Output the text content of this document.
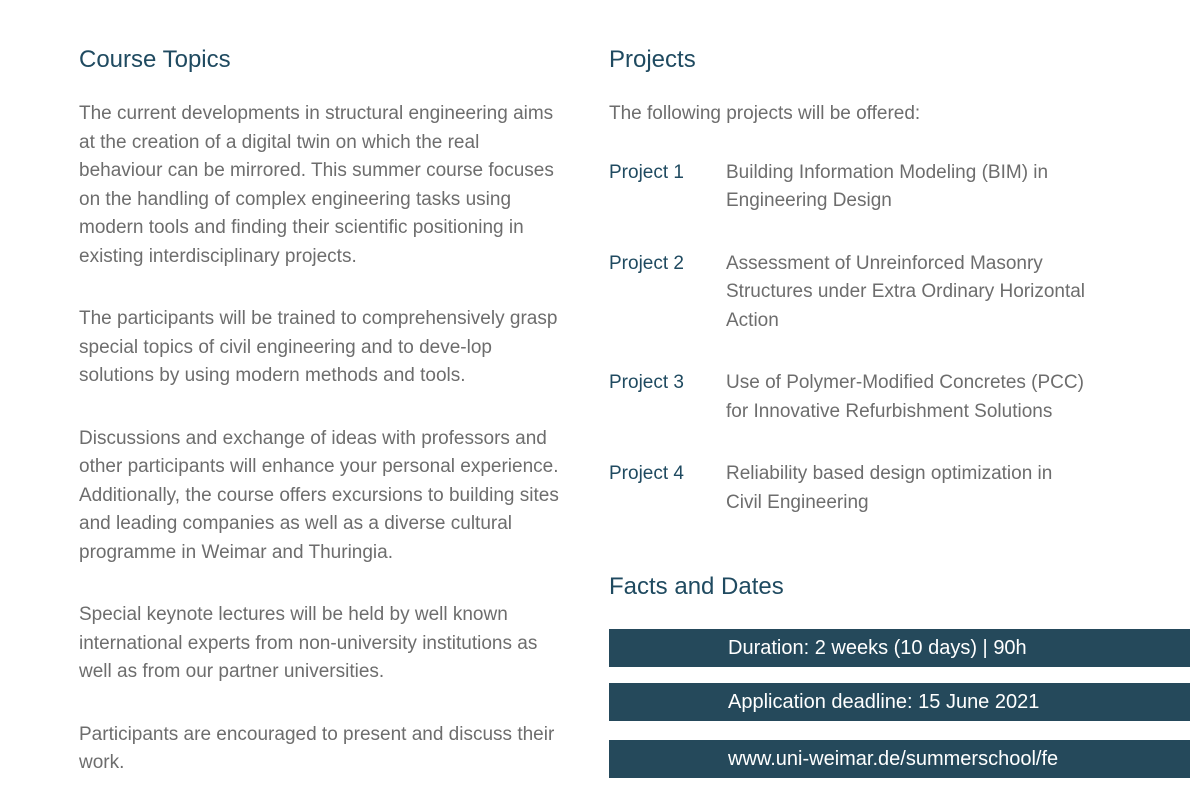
Course Topics

The current developments in structural engineering aims at the creation of a digital twin on which the real behaviour can be mirrored. This summer course focuses on the handling of complex engineering tasks using modern tools and finding their scientific positioning in existing interdisciplinary projects.

The participants will be trained to comprehensively grasp special topics of civil engineering and to deve-lop solutions by using modern methods and tools.

Discussions and exchange of ideas with professors and other participants will enhance your personal experience. Additionally, the course offers excursions to building sites and leading companies as well as a diverse cultural programme in Weimar and Thuringia.

Special keynote lectures will be held by well known international experts from non-university institutions as well as from our partner universities.

Participants are encouraged to present and discuss their work.

Projects

The following projects will be offered:

Project 1	Building Information Modeling (BIM) in Engineering Design
Project 2	Assessment of Unreinforced Masonry Structures under Extra Ordinary Horizontal Action
Project 3	Use of Polymer-Modified Concretes (PCC) for Innovative Refurbishment Solutions
Project 4	Reliability based design optimization in Civil Engineering
Facts and Dates
Duration: 2 weeks (10 days) | 90h
Application deadline: 15 June 2021
www.uni-weimar.de/summerschool/fe
